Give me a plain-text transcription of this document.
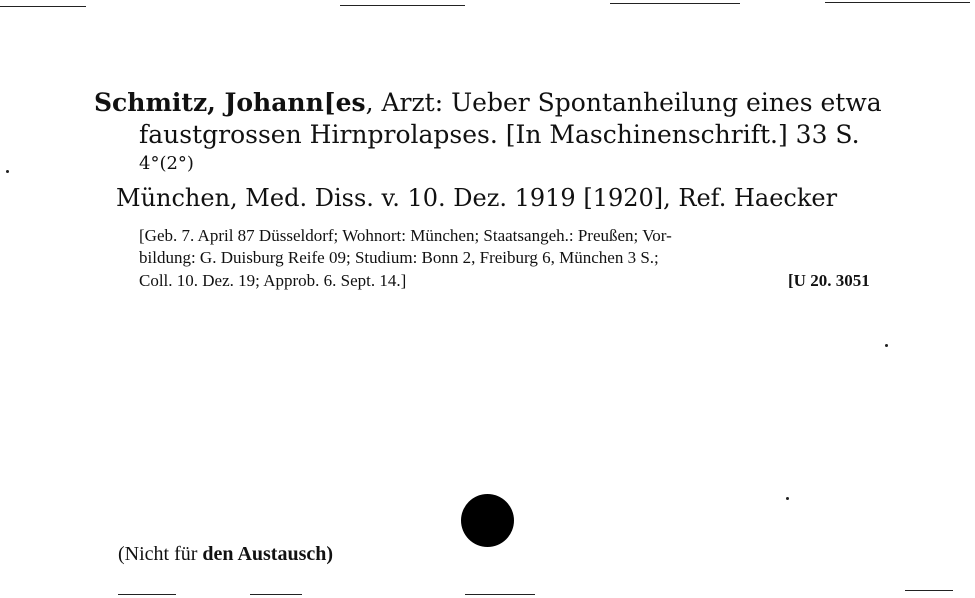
Schmitz, Johann[es, Arzt: Ueber Spontanheilung eines etwa
faustgrossen Hirnprolapses. [In Maschinenschrift.] 33 S.
4°(2°)
München, Med. Diss. v. 10. Dez. 1919 [1920], Ref. Haecker
[Geb. 7. April 87 Düsseldorf; Wohnort: München; Staatsangeh.: Preußen; Vor-
bildung: G. Duisburg Reife 09; Studium: Bonn 2, Freiburg 6, München 3 S.;
Coll. 10. Dez. 19; Approb. 6. Sept. 14.]	[U 20. 3051
(Nicht für den Austausch)
